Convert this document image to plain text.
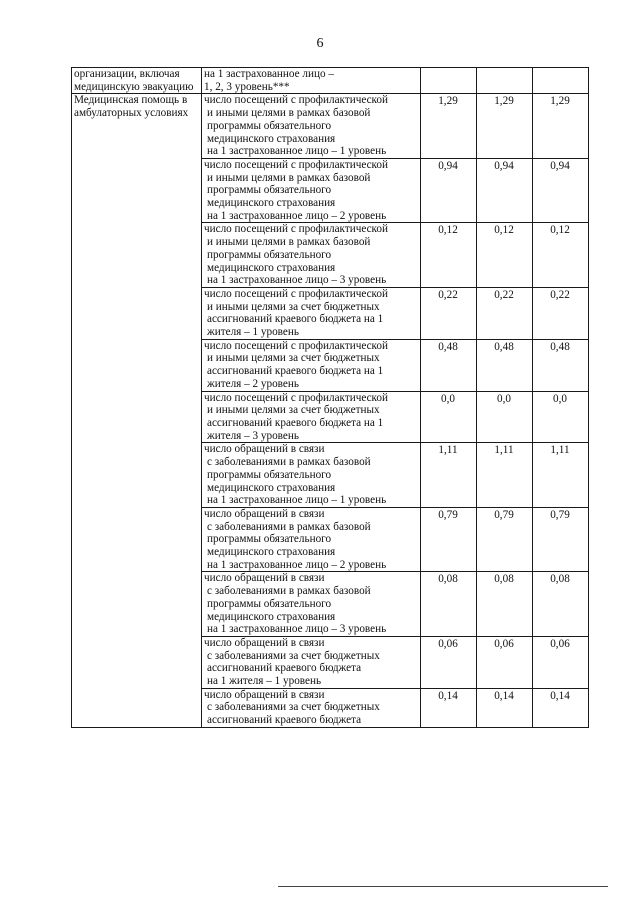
6
организации, включая медицинскую эвакуацию	на 1 застрахованное лицо –
1, 2, 3 уровень***			

Медицинская помощь в амбулаторных условиях	число посещений с профилактической
и иными целями в рамках базовой
программы обязательного
медицинского страхования
на 1 застрахованное лицо – 1 уровень	1,29	1,29	1,29

	число посещений с профилактической
и иными целями в рамках базовой
программы обязательного
медицинского страхования
на 1 застрахованное лицо – 2 уровень	0,94	0,94	0,94

	число посещений с профилактической
и иными целями в рамках базовой
программы обязательного
медицинского страхования
на 1 застрахованное лицо – 3 уровень	0,12	0,12	0,12

	число посещений с профилактической
и иными целями за счет бюджетных
ассигнований краевого бюджета на 1
жителя – 1 уровень	0,22	0,22	0,22

	число посещений с профилактической
и иными целями за счет бюджетных
ассигнований краевого бюджета на 1
жителя – 2 уровень	0,48	0,48	0,48

	число посещений с профилактической
и иными целями за счет бюджетных
ассигнований краевого бюджета на 1
жителя – 3 уровень	0,0	0,0	0,0

	число обращений в связи
с заболеваниями в рамках базовой
программы обязательного
медицинского страхования
на 1 застрахованное лицо – 1 уровень	1,11	1,11	1,11

	число обращений в связи
с заболеваниями в рамках базовой
программы обязательного
медицинского страхования
на 1 застрахованное лицо – 2 уровень	0,79	0,79	0,79

	число обращений в связи
с заболеваниями в рамках базовой
программы обязательного
медицинского страхования
на 1 застрахованное лицо – 3 уровень	0,08	0,08	0,08

	число обращений в связи
с заболеваниями за счет бюджетных
ассигнований краевого бюджета
на 1 жителя – 1 уровень	0,06	0,06	0,06

	число обращений в связи
с заболеваниями за счет бюджетных
ассигнований краевого бюджета	0,14	0,14	0,14
